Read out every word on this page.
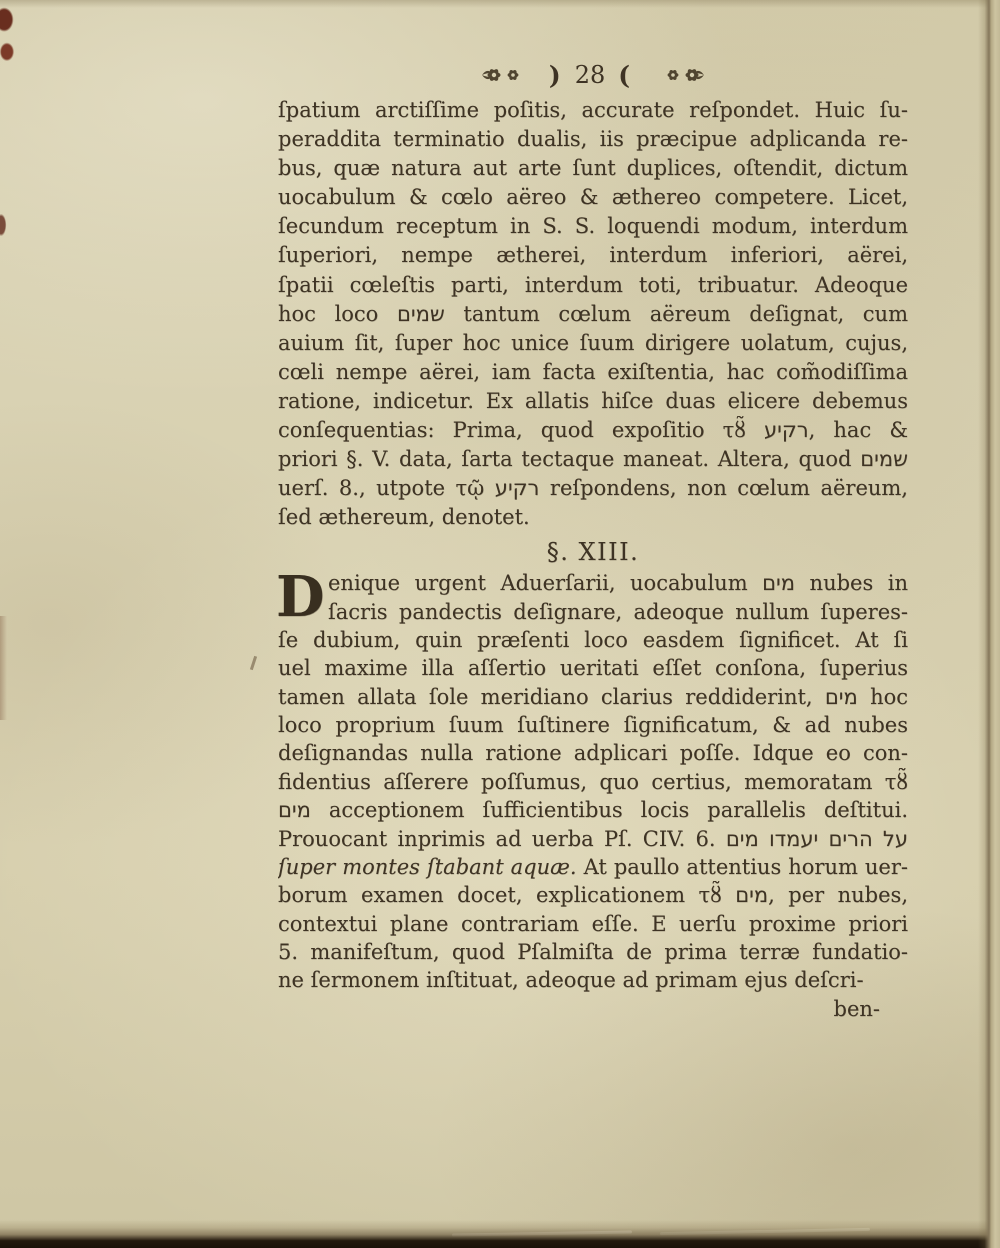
) 28 (
ſpatium arctiſſime poſitis, accurate reſpondet. Huic ſu-
peraddita terminatio dualis, iis præcipue adplicanda re-
bus, quæ natura aut arte ſunt duplices, oſtendit, dictum
uocabulum & cœlo aëreo & æthereo competere. Licet,
ſecundum receptum in S. S. loquendi modum, interdum
ſuperiori, nempe ætherei, interdum inferiori, aërei,
ſpatii cœleſtis parti, interdum toti, tribuatur. Adeoque
hoc loco שמים tantum cœlum aëreum deſignat, cum
auium ſit, ſuper hoc unice ſuum dirigere uolatum, cujus,
cœli nempe aërei, iam facta exiſtentia, hac com̃odiſſima
ratione, indicetur. Ex allatis hiſce duas elicere debemus
conſequentias: Prima, quod expoſitio τȣ̃ רקיע, hac &
priori §. V. data, ſarta tectaque maneat. Altera, quod שמים
uerſ. 8., utpote τῷ רקיע reſpondens, non cœlum aëreum,
ſed æthereum, denotet.
§. XIII.
D enique urgent Aduerſarii, uocabulum מים nubes in
ſacris pandectis deſignare, adeoque nullum ſuperes-
ſe dubium, quin præſenti loco easdem ſignificet. At ſi
uel maxime illa aſſertio ueritati eſſet conſona, ſuperius
tamen allata ſole meridiano clarius reddiderint, מים hoc
loco proprium ſuum ſuſtinere ſignificatum, & ad nubes
deſignandas nulla ratione adplicari poſſe. Idque eo con-
fidentius aſſerere poſſumus, quo certius, memoratam τȣ̃
מים acceptionem ſufficientibus locis parallelis deſtitui.
Prouocant inprimis ad uerba Pſ. CIV. 6. על הרים יעמדו מים
ſuper montes ſtabant aquæ. At paullo attentius horum uer-
borum examen docet, explicationem τȣ̃ מים, per nubes,
contextui plane contrariam eſſe. E uerſu proxime priori
5. manifeſtum, quod Pſalmiſta de prima terræ fundatio-
ne ſermonem inſtituat, adeoque ad primam ejus deſcri-
ben-
